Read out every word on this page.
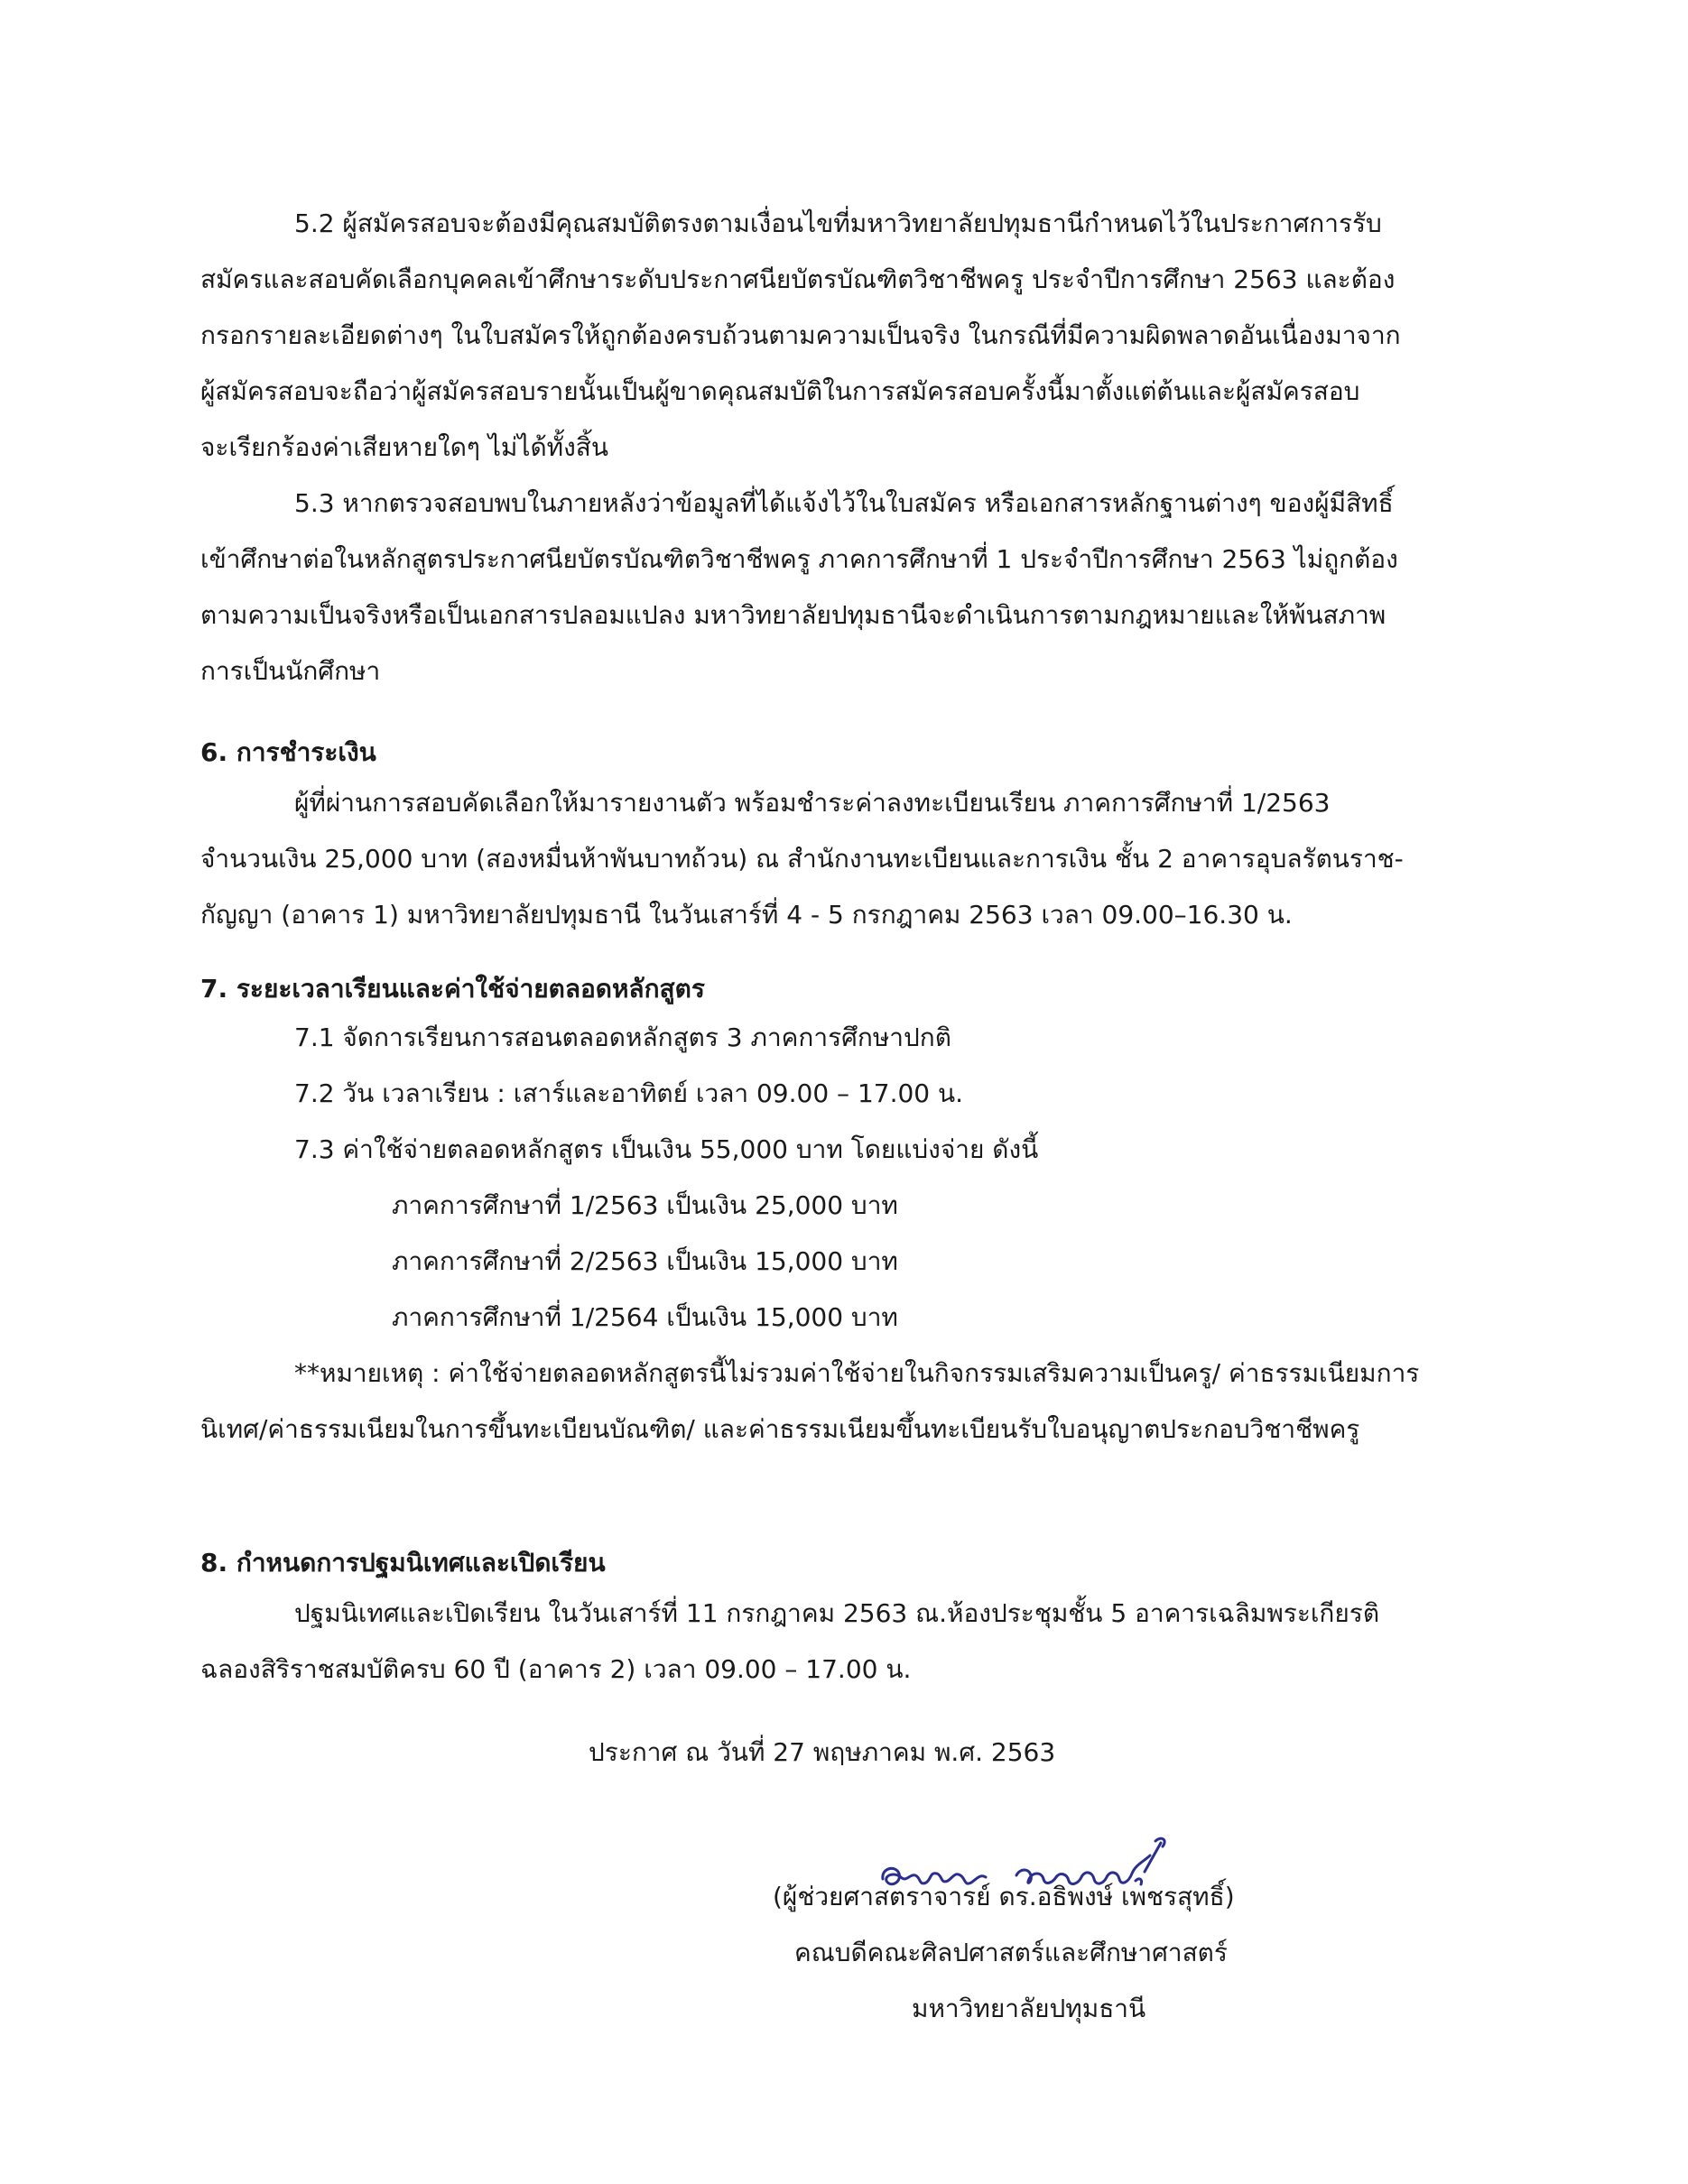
5.2 ผู้สมัครสอบจะต้องมีคุณสมบัติตรงตามเงื่อนไขที่มหาวิทยาลัยปทุมธานีกำหนดไว้ในประกาศการรับ
สมัครและสอบคัดเลือกบุคคลเข้าศึกษาระดับประกาศนียบัตรบัณฑิตวิชาชีพครู ประจำปีการศึกษา 2563 และต้อง
กรอกรายละเอียดต่างๆ ในใบสมัครให้ถูกต้องครบถ้วนตามความเป็นจริง ในกรณีที่มีความผิดพลาดอันเนื่องมาจาก
ผู้สมัครสอบจะถือว่าผู้สมัครสอบรายนั้นเป็นผู้ขาดคุณสมบัติในการสมัครสอบครั้งนี้มาตั้งแต่ต้นและผู้สมัครสอบ
จะเรียกร้องค่าเสียหายใดๆ ไม่ได้ทั้งสิ้น
5.3 หากตรวจสอบพบในภายหลังว่าข้อมูลที่ได้แจ้งไว้ในใบสมัคร หรือเอกสารหลักฐานต่างๆ ของผู้มีสิทธิ์
เข้าศึกษาต่อในหลักสูตรประกาศนียบัตรบัณฑิตวิชาชีพครู ภาคการศึกษาที่ 1 ประจำปีการศึกษา 2563 ไม่ถูกต้อง
ตามความเป็นจริงหรือเป็นเอกสารปลอมแปลง มหาวิทยาลัยปทุมธานีจะดำเนินการตามกฎหมายและให้พ้นสภาพ
การเป็นนักศึกษา
6. การชำระเงิน
ผู้ที่ผ่านการสอบคัดเลือกให้มารายงานตัว พร้อมชำระค่าลงทะเบียนเรียน ภาคการศึกษาที่ 1/2563
จำนวนเงิน 25,000 บาท (สองหมื่นห้าพันบาทถ้วน) ณ สำนักงานทะเบียนและการเงิน ชั้น 2 อาคารอุบลรัตนราช-
กัญญา (อาคาร 1) มหาวิทยาลัยปทุมธานี ในวันเสาร์ที่ 4 - 5 กรกฎาคม 2563 เวลา 09.00–16.30 น.
7. ระยะเวลาเรียนและค่าใช้จ่ายตลอดหลักสูตร
7.1 จัดการเรียนการสอนตลอดหลักสูตร 3 ภาคการศึกษาปกติ
7.2 วัน เวลาเรียน : เสาร์และอาทิตย์ เวลา 09.00 – 17.00 น.
7.3 ค่าใช้จ่ายตลอดหลักสูตร เป็นเงิน 55,000 บาท โดยแบ่งจ่าย ดังนี้
ภาคการศึกษาที่ 1/2563 เป็นเงิน 25,000 บาท
ภาคการศึกษาที่ 2/2563 เป็นเงิน 15,000 บาท
ภาคการศึกษาที่ 1/2564 เป็นเงิน 15,000 บาท
**หมายเหตุ : ค่าใช้จ่ายตลอดหลักสูตรนี้ไม่รวมค่าใช้จ่ายในกิจกรรมเสริมความเป็นครู/ ค่าธรรมเนียมการ
นิเทศ/ค่าธรรมเนียมในการขึ้นทะเบียนบัณฑิต/ และค่าธรรมเนียมขึ้นทะเบียนรับใบอนุญาตประกอบวิชาชีพครู
8. กำหนดการปฐมนิเทศและเปิดเรียน
ปฐมนิเทศและเปิดเรียน ในวันเสาร์ที่ 11 กรกฎาคม 2563 ณ.ห้องประชุมชั้น 5 อาคารเฉลิมพระเกียรติ
ฉลองสิริราชสมบัติครบ 60 ปี (อาคาร 2) เวลา 09.00 – 17.00 น.
ประกาศ ณ วันที่ 27 พฤษภาคม พ.ศ. 2563
(ผู้ช่วยศาสตราจารย์ ดร.อธิพงษ์ เพชรสุทธิ์)
คณบดีคณะศิลปศาสตร์และศึกษาศาสตร์
มหาวิทยาลัยปทุมธานี
